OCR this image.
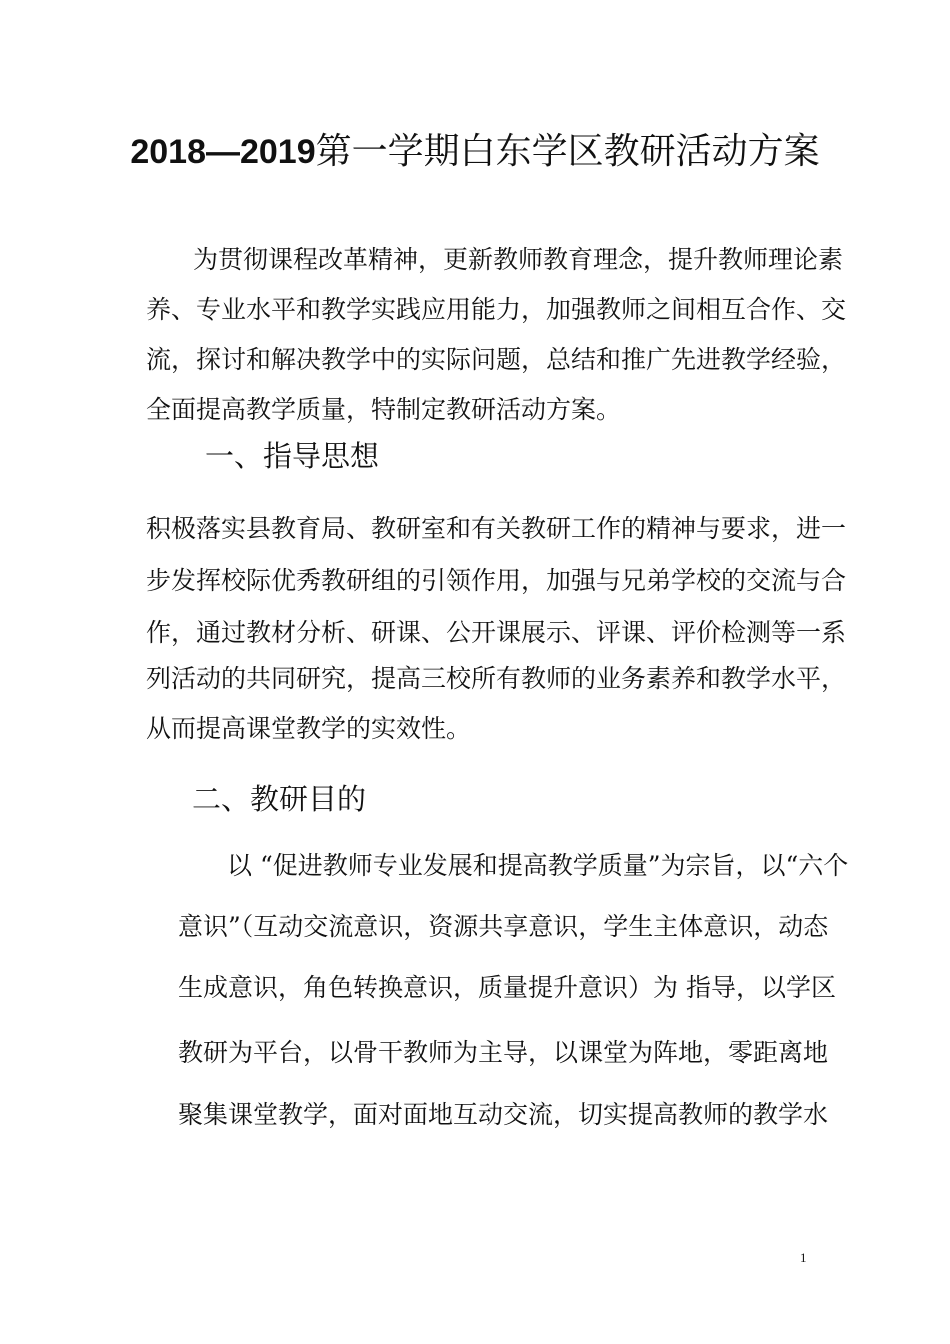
2018—2019第一学期白东学区教研活动方案
为贯彻课程改革精神，更新教师教育理念，提升教师理论素
养、专业水平和教学实践应用能力，加强教师之间相互合作、交
流，探讨和解决教学中的实际问题，总结和推广先进教学经验，
全面提高教学质量，特制定教研活动方案。
一、指导思想
积极落实县教育局、教研室和有关教研工作的精神与要求，进一
步发挥校际优秀教研组的引领作用，加强与兄弟学校的交流与合
作，通过教材分析、研课、公开课展示、评课、评价检测等一系
列活动的共同研究，提高三校所有教师的业务素养和教学水平，
从而提高课堂教学的实效性。
二、教研目的
以 “促进教师专业发展和提高教学质量”为宗旨，以“六个
意识”（互动交流意识，资源共享意识，学生主体意识，动态
生成意识，角色转换意识，质量提升意识）为 指导，以学区
教研为平台，以骨干教师为主导，以课堂为阵地，零距离地
聚集课堂教学，面对面地互动交流，切实提高教师的教学水
1
